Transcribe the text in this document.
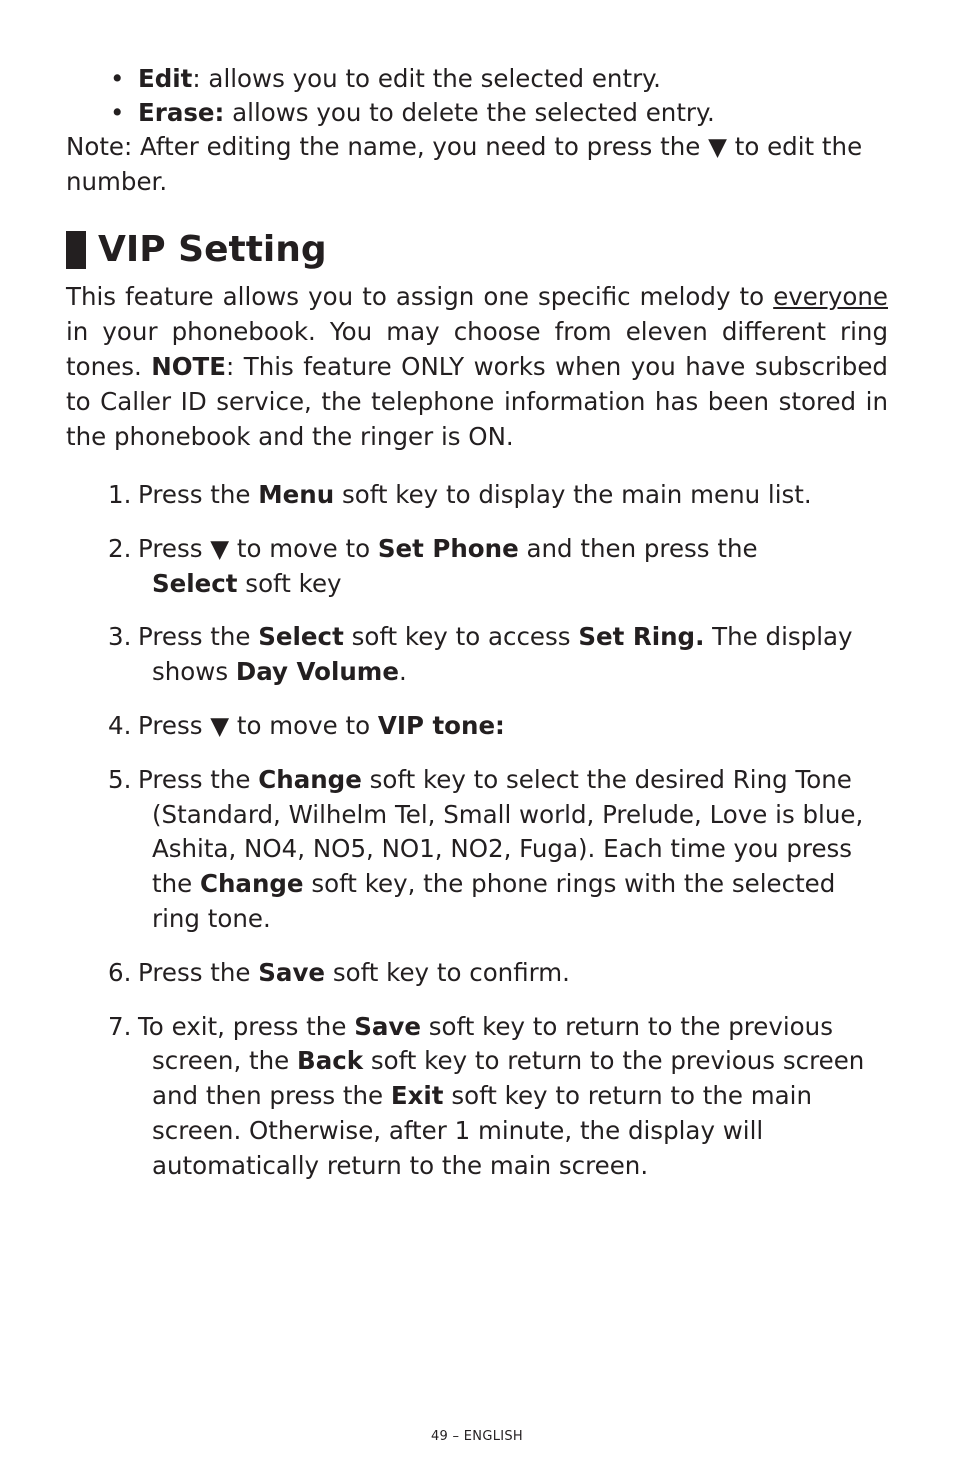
• Edit: allows you to edit the selected entry.
• Erase: allows you to delete the selected entry.

Note: After editing the name, you need to press the ▼ to edit the number.

VIP Setting

This feature allows you to assign one specific melody to everyone in your phonebook. You may choose from eleven different ring tones. NOTE: This feature ONLY works when you have subscribed to Caller ID service, the telephone information has been stored in the phonebook and the ringer is ON.

1. Press the Menu soft key to display the main menu list.
2. Press ▼ to move to Set Phone and then press the
Select soft key
3. Press the Select soft key to access Set Ring. The display shows Day Volume.
4. Press ▼ to move to VIP tone:
5. Press the Change soft key to select the desired Ring Tone (Standard, Wilhelm Tel, Small world, Prelude, Love is blue, Ashita, NO4, NO5, NO1, NO2, Fuga). Each time you press the Change soft key, the phone rings with the selected ring tone.
6. Press the Save soft key to confirm.
7. To exit, press the Save soft key to return to the previous screen, the Back soft key to return to the previous screen and then press the Exit soft key to return to the main screen. Otherwise, after 1 minute, the display will automatically return to the main screen.
49 – ENGLISH
